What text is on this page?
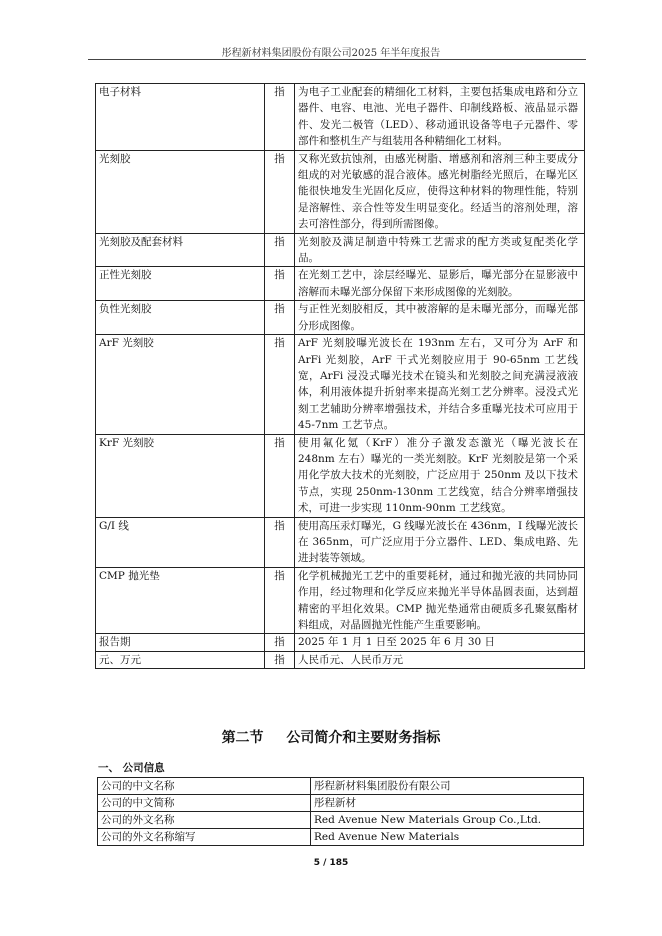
彤程新材料集团股份有限公司2025 年半年度报告
电子材料	指	为电子工业配套的精细化工材料，主要包括集成电路和分立器件、电容、电池、光电子器件、印制线路板、液晶显示器件、发光二极管（LED）、移动通讯设备等电子元器件、零部件和整机生产与组装用各种精细化工材料。
光刻胶	指	又称光致抗蚀剂，由感光树脂、增感剂和溶剂三种主要成分组成的对光敏感的混合液体。感光树脂经光照后，在曝光区能很快地发生光固化反应，使得这种材料的物理性能，特别是溶解性、亲合性等发生明显变化。经适当的溶剂处理，溶去可溶性部分，得到所需图像。
光刻胶及配套材料	指	光刻胶及满足制造中特殊工艺需求的配方类或复配类化学品。
正性光刻胶	指	在光刻工艺中，涂层经曝光、显影后，曝光部分在显影液中溶解而未曝光部分保留下来形成图像的光刻胶。
负性光刻胶	指	与正性光刻胶相反，其中被溶解的是未曝光部分，而曝光部分形成图像。
ArF 光刻胶	指	ArF 光刻胶曝光波长在 193nm 左右，又可分为 ArF 和 ArFi 光刻胶，ArF 干式光刻胶应用于 90-65nm 工艺线宽，ArFi 浸没式曝光技术在镜头和光刻胶之间充满浸液液体，利用液体提升折射率来提高光刻工艺分辨率。浸没式光刻工艺辅助分辨率增强技术，并结合多重曝光技术可应用于 45-7nm 工艺节点。
KrF 光刻胶	指	使用氟化氪（KrF）准分子激发态激光（曝光波长在 248nm 左右）曝光的一类光刻胶。KrF 光刻胶是第一个采用化学放大技术的光刻胶，广泛应用于 250nm 及以下技术节点，实现 250nm-130nm 工艺线宽，结合分辨率增强技术，可进一步实现 110nm-90nm 工艺线宽。
G/I 线	指	使用高压汞灯曝光，G 线曝光波长在 436nm，I 线曝光波长在 365nm，可广泛应用于分立器件、LED、集成电路、先进封装等领域。
CMP 抛光垫	指	化学机械抛光工艺中的重要耗材，通过和抛光液的共同协同作用，经过物理和化学反应来抛光半导体晶圆表面，达到超精密的平坦化效果。CMP 抛光垫通常由硬质多孔聚氨酯材料组成，对晶圆抛光性能产生重要影响。
报告期	指	2025 年 1 月 1 日至 2025 年 6 月 30 日
元、万元	指	人民币元、人民币万元
第二节 公司简介和主要财务指标
一、 公司信息
公司的中文名称	彤程新材料集团股份有限公司
公司的中文简称	彤程新材
公司的外文名称	Red Avenue New Materials Group Co.,Ltd.
公司的外文名称缩写	Red Avenue New Materials
5 / 185
